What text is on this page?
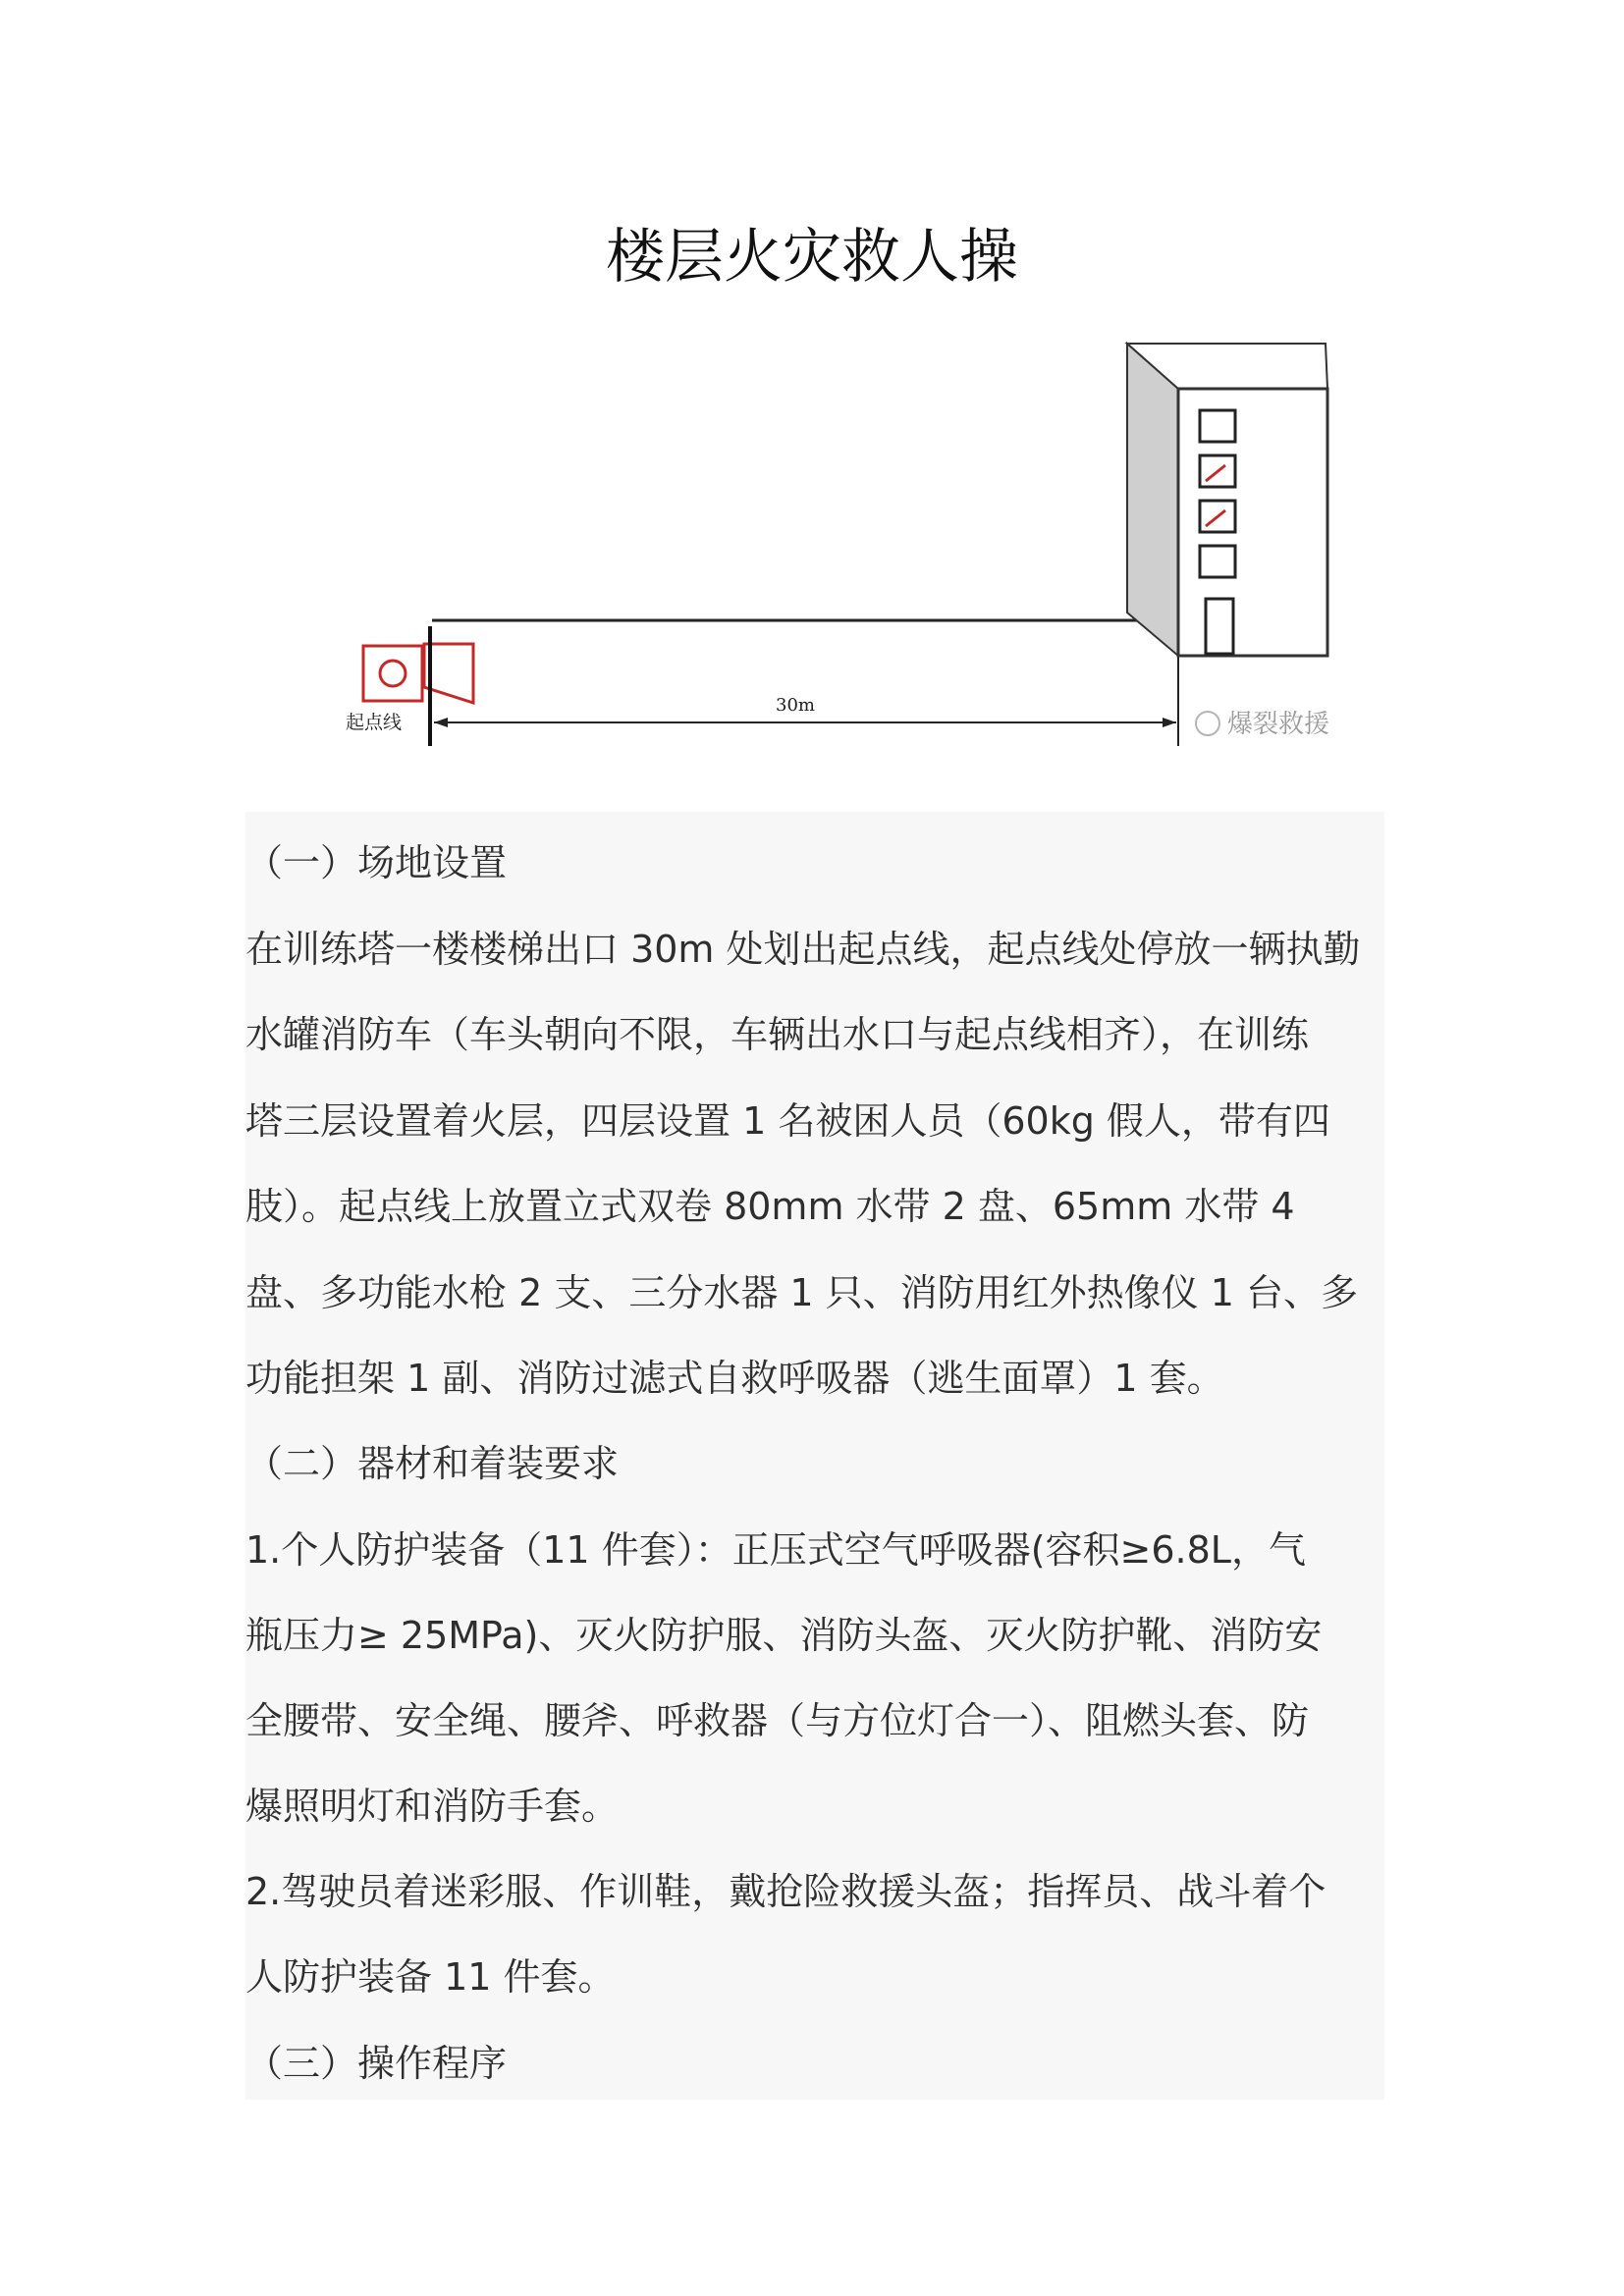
楼层火灾救人操
起点线
30m
爆裂救援

（一）场地设置

在训练塔一楼楼梯出口 30m 处划出起点线，起点线处停放一辆执勤

水罐消防车（车头朝向不限，车辆出水口与起点线相齐），在训练

塔三层设置着火层，四层设置 1 名被困人员（60kg 假人，带有四

肢）。起点线上放置立式双卷 80mm 水带 2 盘、65mm 水带 4

盘、多功能水枪 2 支、三分水器 1 只、消防用红外热像仪 1 台、多

功能担架 1 副、消防过滤式自救呼吸器（逃生面罩）1 套。

（二）器材和着装要求

1.个人防护装备（11 件套）：正压式空气呼吸器(容积≥6.8L，气

瓶压力≥ 25MPa)、灭火防护服、消防头盔、灭火防护靴、消防安

全腰带、安全绳、腰斧、呼救器（与方位灯合一）、阻燃头套、防

爆照明灯和消防手套。

2.驾驶员着迷彩服、作训鞋，戴抢险救援头盔；指挥员、战斗着个

人防护装备 11 件套。

（三）操作程序
